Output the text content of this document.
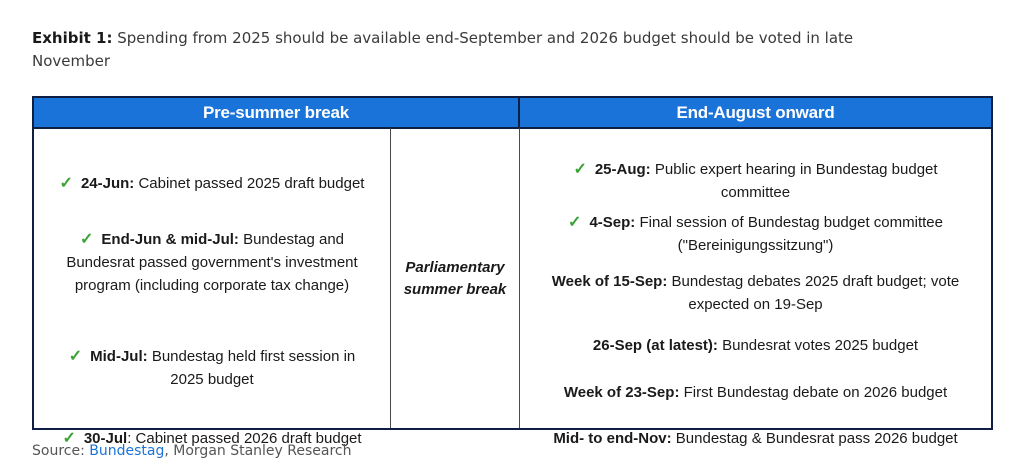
Exhibit 1: Spending from 2025 should be available end-September and 2026 budget should be voted in late November
Pre-summer break	End-August onward
✓ 24-Jun: Cabinet passed 2025 draft budget
✓ End-Jun & mid-Jul: Bundestag and
Bundesrat passed government's investment
program (including corporate tax change)
✓ Mid-Jul: Bundestag held first session in
2025 budget
✓ 30-Jul: Cabinet passed 2026 draft budget
Parliamentary
summer break
✓ 25-Aug: Public expert hearing in Bundestag budget
committee
✓ 4-Sep: Final session of Bundestag budget committee
("Bereinigungssitzung")
Week of 15-Sep: Bundestag debates 2025 draft budget; vote
expected on 19-Sep
26-Sep (at latest): Bundesrat votes 2025 budget
Week of 23-Sep: First Bundestag debate on 2026 budget
Mid- to end-Nov: Bundestag & Bundesrat pass 2026 budget
Source: Bundestag, Morgan Stanley Research
